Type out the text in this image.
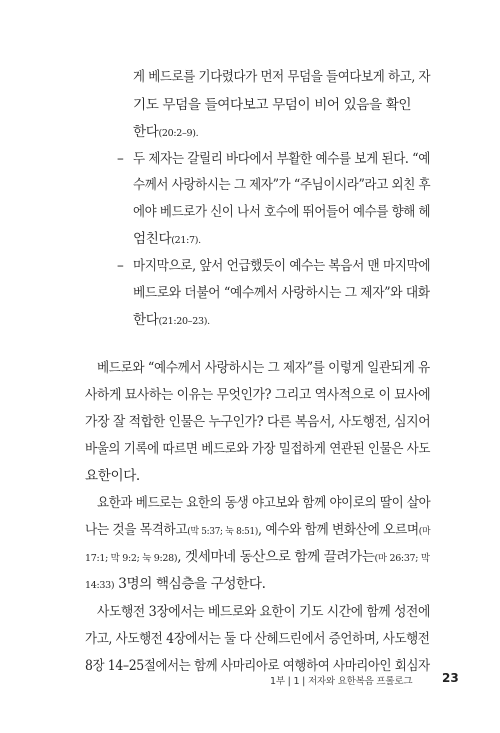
게 베드로를 기다렸다가 먼저 무덤을 들여다보게 하고, 자
기도 무덤을 들여다보고 무덤이 비어 있음을 확인
한다(20:2–9).
– 두 제자는 갈릴리 바다에서 부활한 예수를 보게 된다. “예
수께서 사랑하시는 그 제자”가 “주님이시라”라고 외친 후
에야 베드로가 신이 나서 호수에 뛰어들어 예수를 향해 헤
엄친다(21:7).
– 마지막으로, 앞서 언급했듯이 예수는 복음서 맨 마지막에
베드로와 더불어 “예수께서 사랑하시는 그 제자”와 대화
한다(21:20–23).
베드로와 “예수께서 사랑하시는 그 제자”를 이렇게 일관되게 유
사하게 묘사하는 이유는 무엇인가? 그리고 역사적으로 이 묘사에
가장 잘 적합한 인물은 누구인가? 다른 복음서, 사도행전, 심지어
바울의 기록에 따르면 베드로와 가장 밀접하게 연관된 인물은 사도
요한이다.
요한과 베드로는 요한의 동생 야고보와 함께 야이로의 딸이 살아
나는 것을 목격하고(막 5:37; 눅 8:51), 예수와 함께 변화산에 오르며(마
17:1; 막 9:2; 눅 9:28), 겟세마네 동산으로 함께 끌려가는(마 26:37; 막
14:33) 3명의 핵심층을 구성한다.
사도행전 3장에서는 베드로와 요한이 기도 시간에 함께 성전에
가고, 사도행전 4장에서는 둘 다 산헤드린에서 증언하며, 사도행전
8장 14–25절에서는 함께 사마리아로 여행하여 사마리아인 회심자
1부 | 1 | 저자와 요한복음 프롤로그	23
